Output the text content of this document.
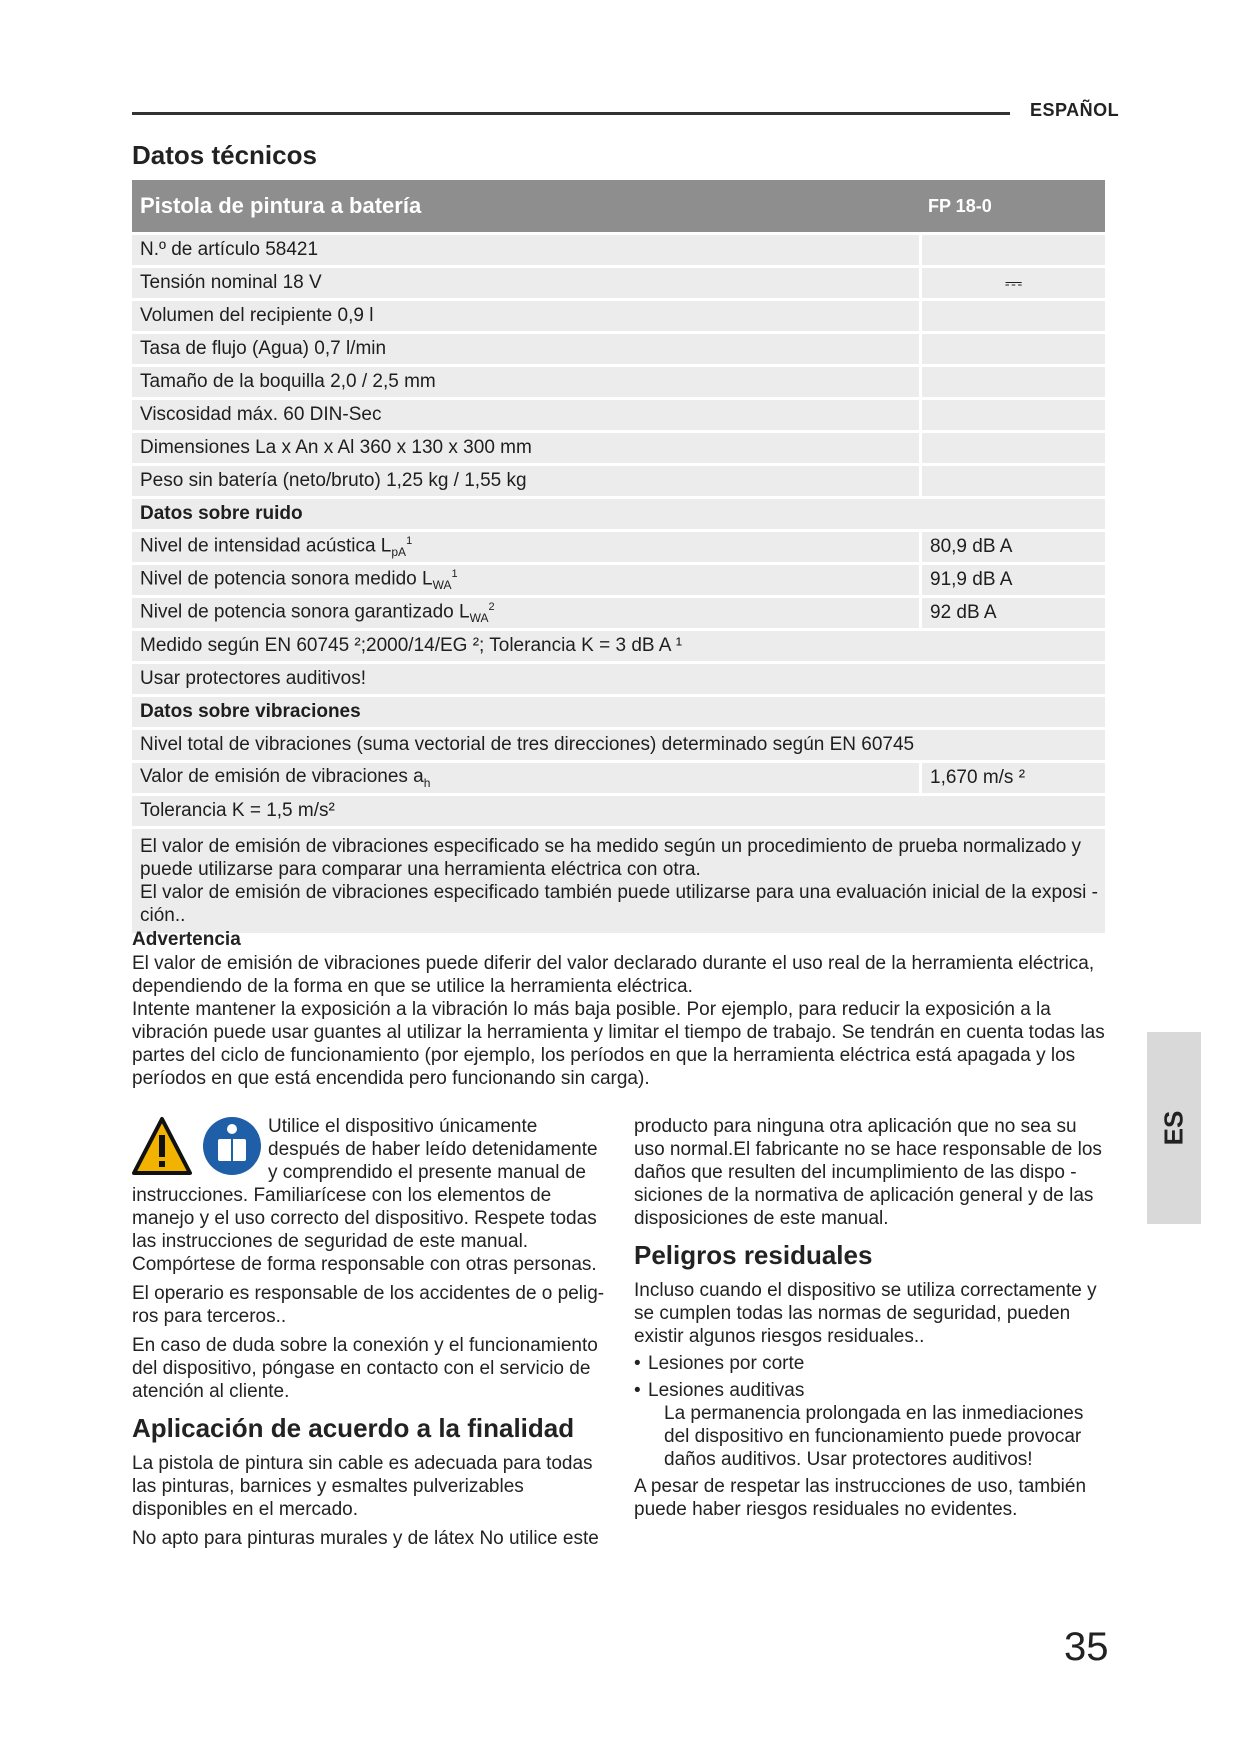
ESPAÑOL
Datos técnicos
Pistola de pintura a batería	FP 18-0
N.º de artículo 58421
Tensión nominal 18 V	⎓
Volumen del recipiente 0,9 l
Tasa de flujo (Agua) 0,7 l/min
Tamaño de la boquilla 2,0 / 2,5 mm
Viscosidad máx. 60 DIN-Sec
Dimensiones La x An x Al 360 x 130 x 300 mm
Peso sin batería (neto/bruto) 1,25 kg / 1,55 kg
Datos sobre ruido
Nivel de intensidad acústica $L_{pA}^1$	80,9 dB A
Nivel de potencia sonora medido $L_{WA}^1$	91,9 dB A
Nivel de potencia sonora garantizado $L_{WA}^2$	92 dB A
Medido según EN 60745 ²;2000/14/EG ²; Tolerancia K = 3 dB A ¹
Usar protectores auditivos!
Datos sobre vibraciones
Nivel total de vibraciones (suma vectorial de tres direcciones) determinado según EN 60745
Valor de emisión de vibraciones $a_h$	1,670 m/s ²
Tolerancia K = 1,5 m/s²
El valor de emisión de vibraciones especificado se ha medido según un procedimiento de prueba normalizado y puede utilizarse para comparar una herramienta eléctrica con otra.
El valor de emisión de vibraciones especificado también puede utilizarse para una evaluación inicial de la exposi - ción..
Advertencia
El valor de emisión de vibraciones puede diferir del valor declarado durante el uso real de la herramienta eléctrica, dependiendo de la forma en que se utilice la herramienta eléctrica.
Intente mantener la exposición a la vibración lo más baja posible. Por ejemplo, para reducir la exposición a la vibración puede usar guantes al utilizar la herramienta y limitar el tiempo de trabajo. Se tendrán en cuenta todas las partes del ciclo de funcionamiento (por ejemplo, los períodos en que la herramienta eléctrica está apagada y los períodos en que está encendida pero funcionando sin carga).
Utilice el dispositivo únicamente después de haber leído detenidamente y comprendido el presente manual de instrucciones. Familiarícese con los elementos de manejo y el uso correcto del dispositivo. Respete todas las instrucciones de seguridad de este manual. Compórtese de forma responsable con otras personas.
El operario es responsable de los accidentes de o pelig- ros para terceros..
En caso de duda sobre la conexión y el funcionamiento del dispositivo, póngase en contacto con el servicio de atención al cliente.
Aplicación de acuerdo a la finalidad
La pistola de pintura sin cable es adecuada para todas las pinturas, barnices y esmaltes pulverizables disponibles en el mercado.
No apto para pinturas murales y de látex No utilice este
producto para ninguna otra aplicación que no sea su uso normal.El fabricante no se hace responsable de los daños que resulten del incumplimiento de las dispo - siciones de la normativa de aplicación general y de las disposiciones de este manual.
Peligros residuales
Incluso cuando el dispositivo se utiliza correctamente y se cumplen todas las normas de seguridad, pueden existir algunos riesgos residuales..
• Lesiones por corte
• Lesiones auditivas
La permanencia prolongada en las inmediaciones del dispositivo en funcionamiento puede provocar daños auditivos. Usar protectores auditivos!
A pesar de respetar las instrucciones de uso, también puede haber riesgos residuales no evidentes.
ES
35
